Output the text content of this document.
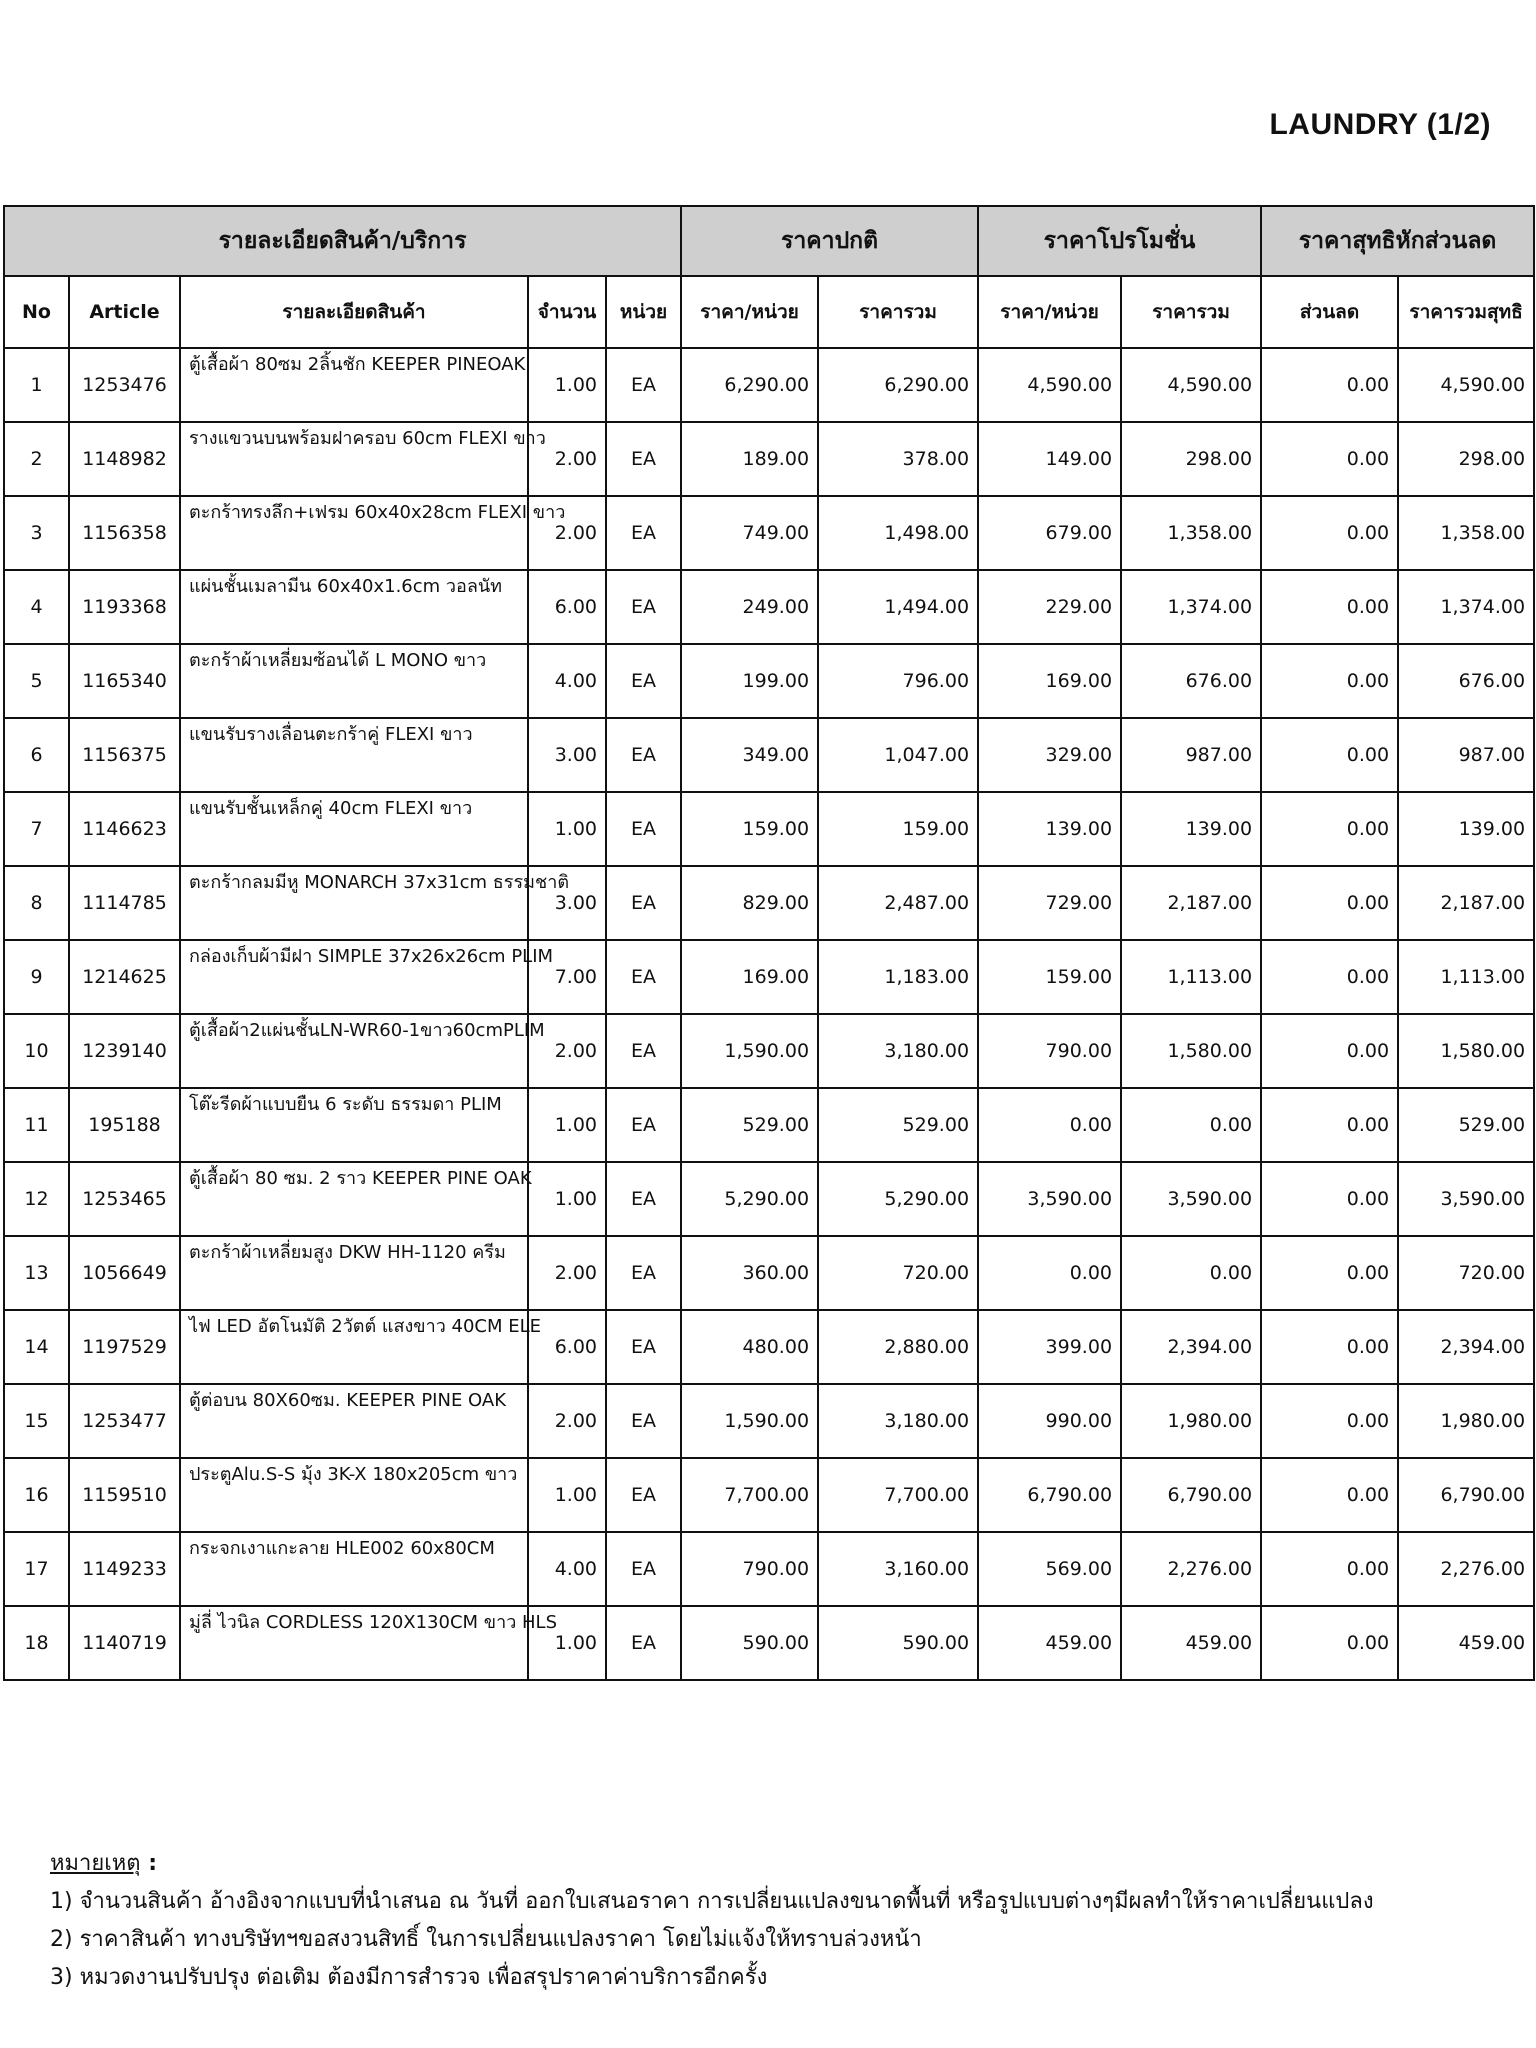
LAUNDRY (1/2)
รายละเอียดสินค้า/บริการ					ราคาปกติ		ราคาโปรโมชั่น		ราคาสุทธิหักส่วนลด	
No	Article	รายละเอียดสินค้า	จำนวน	หน่วย	ราคา/หน่วย	ราคารวม	ราคา/หน่วย	ราคารวม	ส่วนลด	ราคารวมสุทธิ
1	1253476	ตู้เสื้อผ้า 80ซม 2ลิ้นชัก KEEPER PINEOAK	1.00	EA	6,290.00	6,290.00	4,590.00	4,590.00	0.00	4,590.00
2	1148982	รางแขวนบนพร้อมฝาครอบ 60cm FLEXI ขาว	2.00	EA	189.00	378.00	149.00	298.00	0.00	298.00
3	1156358	ตะกร้าทรงลึก+เฟรม 60x40x28cm FLEXI ขาว	2.00	EA	749.00	1,498.00	679.00	1,358.00	0.00	1,358.00
4	1193368	แผ่นชั้นเมลามีน 60x40x1.6cm วอลนัท	6.00	EA	249.00	1,494.00	229.00	1,374.00	0.00	1,374.00
5	1165340	ตะกร้าผ้าเหลี่ยมซ้อนได้ L MONO ขาว	4.00	EA	199.00	796.00	169.00	676.00	0.00	676.00
6	1156375	แขนรับรางเลื่อนตะกร้าคู่ FLEXI ขาว	3.00	EA	349.00	1,047.00	329.00	987.00	0.00	987.00
7	1146623	แขนรับชั้นเหล็กคู่ 40cm FLEXI ขาว	1.00	EA	159.00	159.00	139.00	139.00	0.00	139.00
8	1114785	ตะกร้ากลมมีหู MONARCH 37x31cm ธรรมชาติ	3.00	EA	829.00	2,487.00	729.00	2,187.00	0.00	2,187.00
9	1214625	กล่องเก็บผ้ามีฝา SIMPLE 37x26x26cm PLIM	7.00	EA	169.00	1,183.00	159.00	1,113.00	0.00	1,113.00
10	1239140	ตู้เสื้อผ้า2แผ่นชั้นLN-WR60-1ขาว60cmPLIM	2.00	EA	1,590.00	3,180.00	790.00	1,580.00	0.00	1,580.00
11	195188	โต๊ะรีดผ้าแบบยืน 6 ระดับ ธรรมดา PLIM	1.00	EA	529.00	529.00	0.00	0.00	0.00	529.00
12	1253465	ตู้เสื้อผ้า 80 ซม. 2 ราว KEEPER PINE OAK	1.00	EA	5,290.00	5,290.00	3,590.00	3,590.00	0.00	3,590.00
13	1056649	ตะกร้าผ้าเหลี่ยมสูง DKW HH-1120 ครีม	2.00	EA	360.00	720.00	0.00	0.00	0.00	720.00
14	1197529	ไฟ LED อัตโนมัติ 2วัตต์ แสงขาว 40CM ELE	6.00	EA	480.00	2,880.00	399.00	2,394.00	0.00	2,394.00
15	1253477	ตู้ต่อบน 80X60ซม. KEEPER PINE OAK	2.00	EA	1,590.00	3,180.00	990.00	1,980.00	0.00	1,980.00
16	1159510	ประตูAlu.S-S มุ้ง 3K-X 180x205cm ขาว	1.00	EA	7,700.00	7,700.00	6,790.00	6,790.00	0.00	6,790.00
17	1149233	กระจกเงาแกะลาย HLE002 60x80CM	4.00	EA	790.00	3,160.00	569.00	2,276.00	0.00	2,276.00
18	1140719	มู่ลี่ ไวนิล CORDLESS 120X130CM ขาว HLS	1.00	EA	590.00	590.00	459.00	459.00	0.00	459.00
หมายเหตุ :
1) จำนวนสินค้า อ้างอิงจากแบบที่นำเสนอ ณ วันที่ ออกใบเสนอราคา การเปลี่ยนแปลงขนาดพื้นที่ หรือรูปแบบต่างๆมีผลทำให้ราคาเปลี่ยนแปลง
2) ราคาสินค้า ทางบริษัทฯขอสงวนสิทธิ์ ในการเปลี่ยนแปลงราคา โดยไม่แจ้งให้ทราบล่วงหน้า
3) หมวดงานปรับปรุง ต่อเติม ต้องมีการสำรวจ เพื่อสรุปราคาค่าบริการอีกครั้ง
